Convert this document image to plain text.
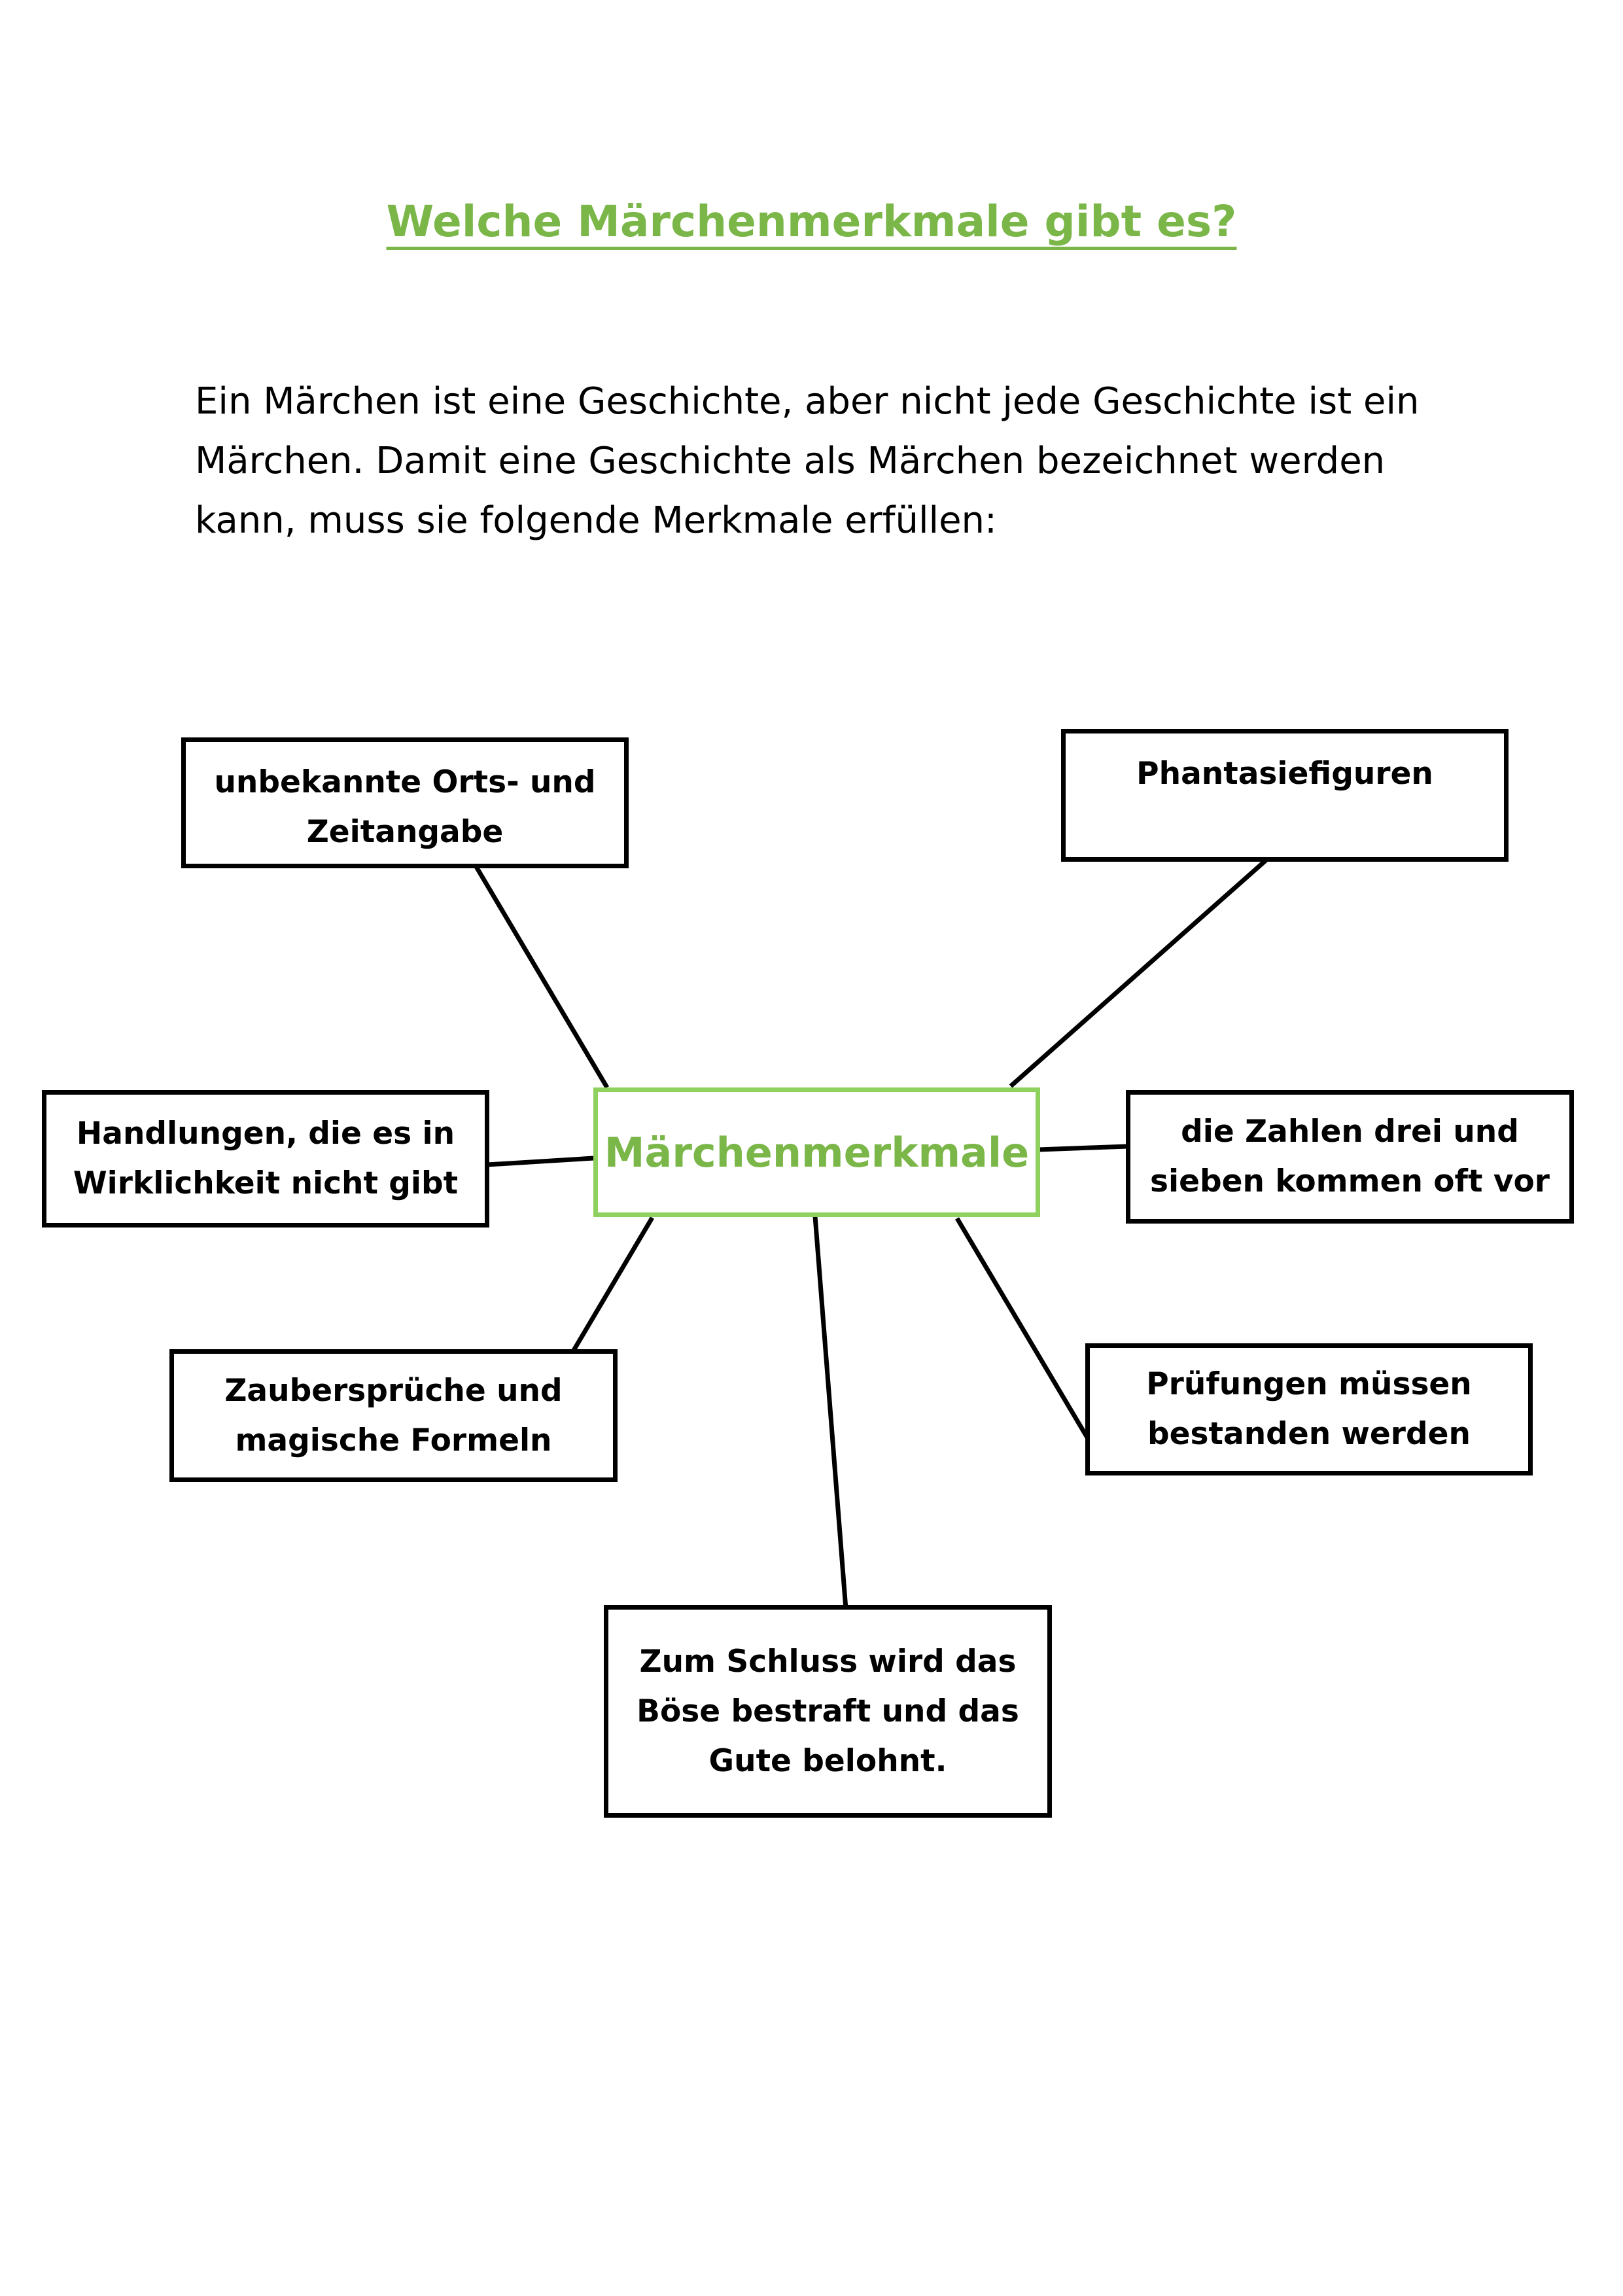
Welche Märchenmerkmale gibt es?

Ein Märchen ist eine Geschichte, aber nicht jede Geschichte ist ein Märchen. Damit eine Geschichte als Märchen bezeichnet werden kann, muss sie folgende Merkmale erfüllen:

Märchenmerkmale
unbekannte Orts- und Zeitangabe
Phantasiefiguren
Handlungen, die es in Wirklichkeit nicht gibt
die Zahlen drei und sieben kommen oft vor
Zaubersprüche und magische Formeln
Prüfungen müssen bestanden werden
Zum Schluss wird das Böse bestraft und das Gute belohnt.
